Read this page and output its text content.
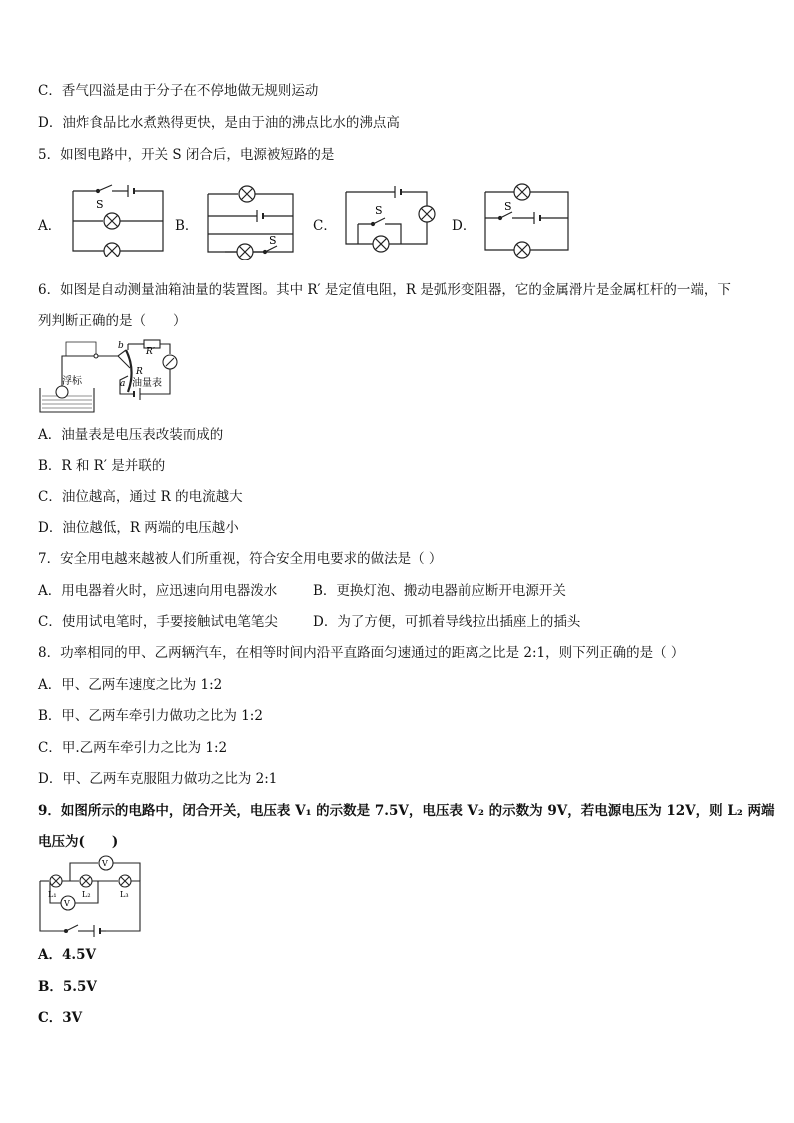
C．香气四溢是由于分子在不停地做无规则运动
D．油炸食品比水煮熟得更快，是由于油的沸点比水的沸点高
5．如图电路中，开关 S 闭合后，电源被短路的是
A．
S
B．
S
C．
S
D．
S
6．如图是自动测量油箱油量的装置图。其中 R′ 是定值电阻，R 是弧形变阻器，它的金属滑片是金属杠杆的一端，下
列判断正确的是（　　）
浮标	油量表
R′
R
b
a
A．油量表是电压表改装而成的
B．R 和 R′ 是并联的
C．油位越高，通过 R 的电流越大
D．油位越低，R 两端的电压越小
7．安全用电越来越被人们所重视，符合安全用电要求的做法是（ ）
A．用电器着火时，应迅速向用电器泼水	B．更换灯泡、搬动电器前应断开电源开关
C．使用试电笔时，手要接触试电笔笔尖	D．为了方便，可抓着导线拉出插座上的插头
8．功率相同的甲、乙两辆汽车，在相等时间内沿平直路面匀速通过的距离之比是 2:1，则下列正确的是（ ）
A．甲、乙两车速度之比为 1:2
B．甲、乙两车牵引力做功之比为 1:2
C．甲.乙两车牵引力之比为 1:2
D．甲、乙两车克服阻力做功之比为 2:1
9．如图所示的电路中，闭合开关，电压表 V₁ 的示数是 7.5V，电压表 V₂ 的示数为 9V，若电源电压为 12V，则 L₂ 两端
电压为(　　)
V
V
L₁	L₂	L₃
A．4.5V
B．5.5V
C．3V
